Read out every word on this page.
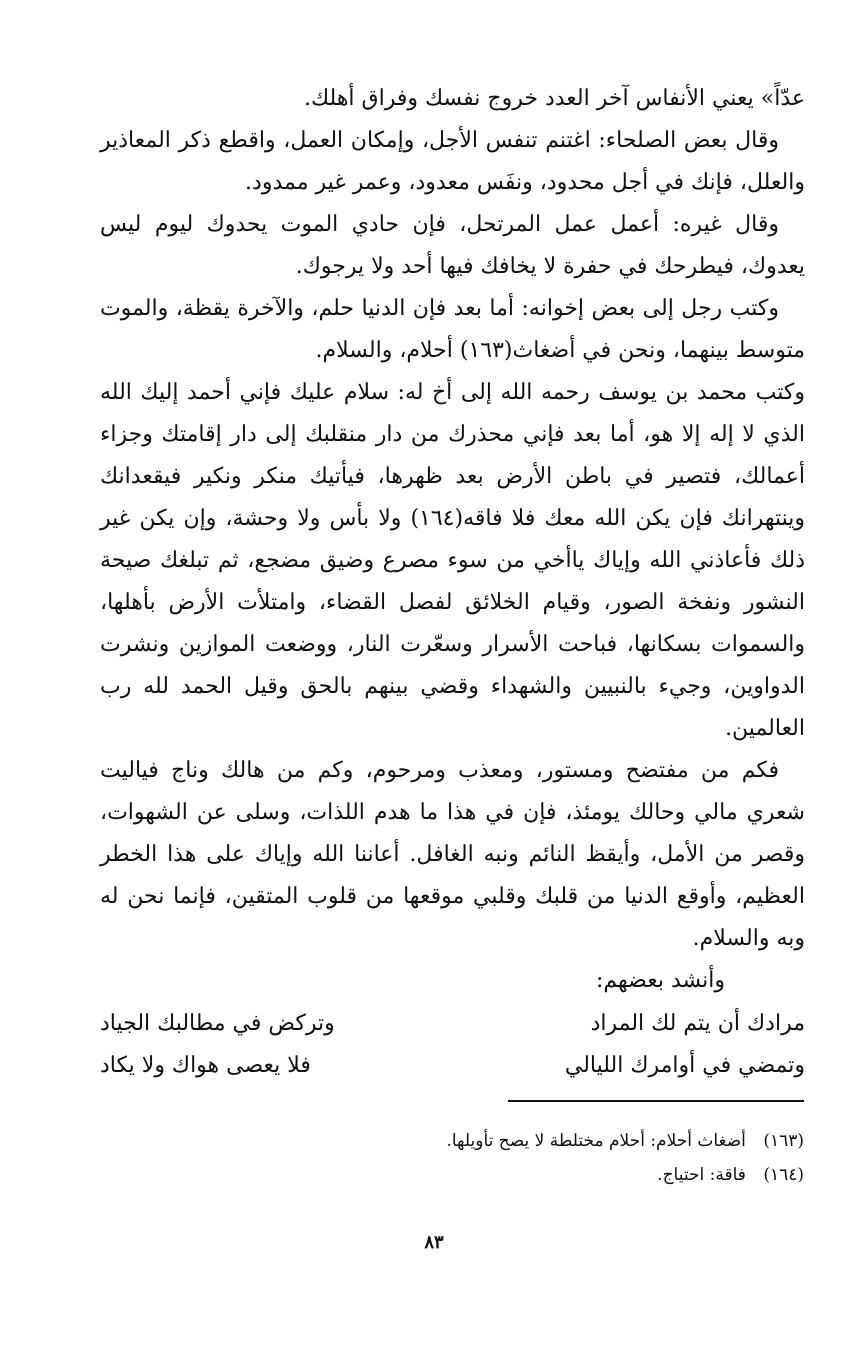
عدّاً» يعني الأنفاس آخر العدد خروج نفسك وفراق أهلك.

وقال بعض الصلحاء: اغتنم تنفس الأجل، وإمكان العمل، واقطع ذكر المعاذير والعلل، فإنك في أجل محدود، ونفَس معدود، وعمر غير ممدود.

وقال غيره: أعمل عمل المرتحل، فإن حادي الموت يحدوك ليوم ليس يعدوك، فيطرحك في حفرة لا يخافك فيها أحد ولا يرجوك.

وكتب رجل إلى بعض إخوانه: أما بعد فإن الدنيا حلم، والآخرة يقظة، والموت متوسط بينهما، ونحن في أضغاث(١٦٣) أحلام، والسلام.

وكتب محمد بن يوسف رحمه الله إلى أخ له: سلام عليك فإني أحمد إليك الله الذي لا إله إلا هو، أما بعد فإني محذرك من دار منقلبك إلى دار إقامتك وجزاء أعمالك، فتصير في باطن الأرض بعد ظهرها، فيأتيك منكر ونكير فيقعدانك وينتهرانك فإن يكن الله معك فلا فاقه(١٦٤) ولا بأس ولا وحشة، وإن يكن غير ذلك فأعاذني الله وإياك ياأخي من سوء مصرع وضيق مضجع، ثم تبلغك صيحة النشور ونفخة الصور، وقيام الخلائق لفصل القضاء، وامتلأت الأرض بأهلها، والسموات بسكانها، فباحت الأسرار وسعّرت النار، ووضعت الموازين ونشرت الدواوين، وجيء بالنبيين والشهداء وقضي بينهم بالحق وقيل الحمد لله رب العالمين.

فكم من مفتضح ومستور، ومعذب ومرحوم، وكم من هالك وناج فياليت شعري مالي وحالك يومئذ، فإن في هذا ما هدم اللذات، وسلى عن الشهوات، وقصر من الأمل، وأيقظ النائم ونبه الغافل. أعاننا الله وإياك على هذا الخطر العظيم، وأوقع الدنيا من قلبك وقلبي موقعها من قلوب المتقين، فإنما نحن له وبه والسلام.

وأنشد بعضهم:

مرادك أن يتم لك المراد
وتركض في مطالبك الجياد
وتمضي في أوامرك الليالي
فلا يعصى هواك ولا يكاد
(١٦٣) أضغاث أحلام: أحلام مختلطة لا يصح تأويلها.
(١٦٤) فاقة: احتياج.
٨٣
